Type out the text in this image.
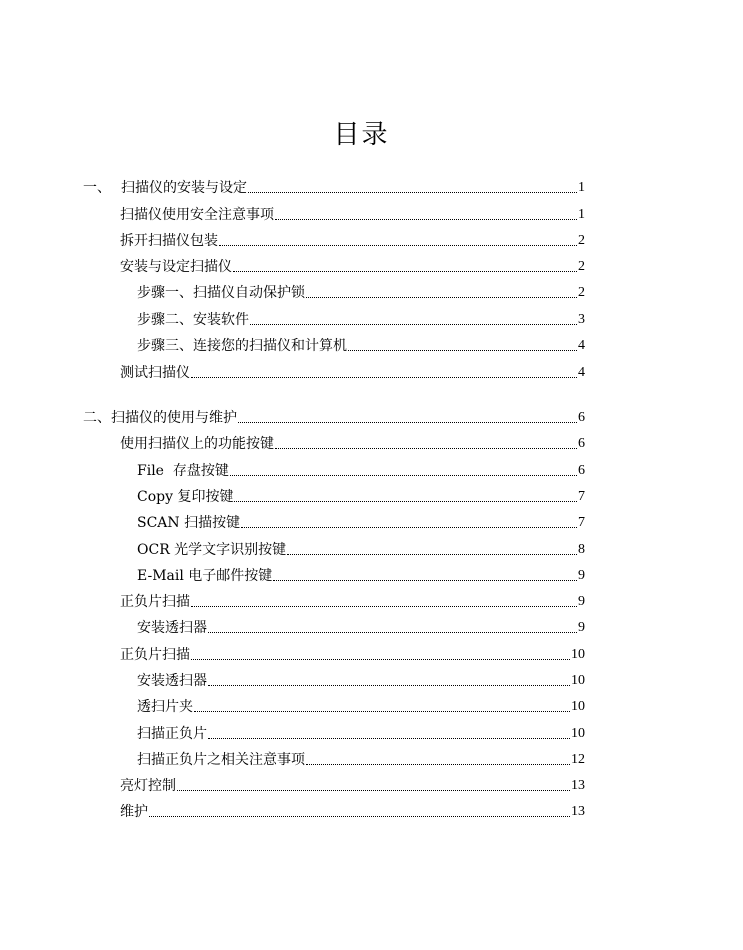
目录
一、 扫描仪的安装与设定	1
扫描仪使用安全注意事项	1
拆开扫描仪包装	2
安装与设定扫描仪	2
步骤一、扫描仪自动保护锁	2
步骤二、安装软件	3
步骤三、连接您的扫描仪和计算机	4
测试扫描仪	4
二、扫描仪的使用与维护	6
使用扫描仪上的功能按键	6
File  存盘按键	6
Copy 复印按键	7
SCAN 扫描按键	7
OCR 光学文字识别按键	8
E-Mail 电子邮件按键	9
正负片扫描	9
安装透扫器	9
正负片扫描	10
安装透扫器	10
透扫片夹	10
扫描正负片	10
扫描正负片之相关注意事项	12
亮灯控制	13
维护	13
